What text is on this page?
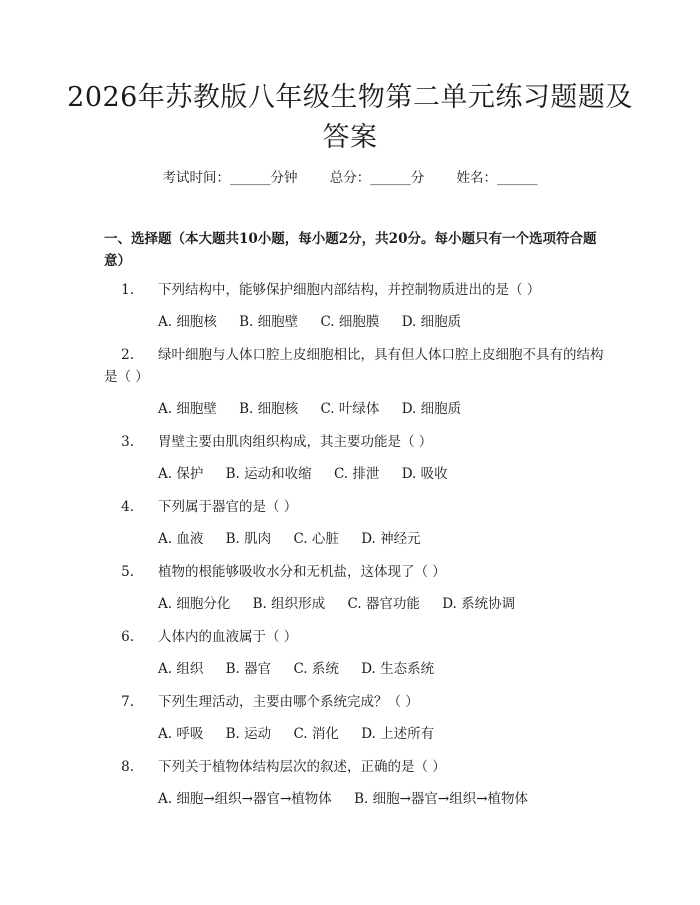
2026年苏教版八年级生物第二单元练习题题及答案
考试时间：______分钟 总分：______分 姓名：______
一、选择题（本大题共10小题，每小题2分，共20分。每小题只有一个选项符合题意）
1. 下列结构中，能够保护细胞内部结构，并控制物质进出的是（ ）
A. 细胞核 B. 细胞壁 C. 细胞膜 D. 细胞质
2. 绿叶细胞与人体口腔上皮细胞相比，具有但人体口腔上皮细胞不具有的结构是（ ）
A. 细胞壁 B. 细胞核 C. 叶绿体 D. 细胞质
3. 胃壁主要由肌肉组织构成，其主要功能是（ ）
A. 保护 B. 运动和收缩 C. 排泄 D. 吸收
4. 下列属于器官的是（ ）
A. 血液 B. 肌肉 C. 心脏 D. 神经元
5. 植物的根能够吸收水分和无机盐，这体现了（ ）
A. 细胞分化 B. 组织形成 C. 器官功能 D. 系统协调
6. 人体内的血液属于（ ）
A. 组织 B. 器官 C. 系统 D. 生态系统
7. 下列生理活动，主要由哪个系统完成？（ ）
A. 呼吸 B. 运动 C. 消化 D. 上述所有
8. 下列关于植物体结构层次的叙述，正确的是（ ）
A. 细胞→组织→器官→植物体 B. 细胞→器官→组织→植物体
